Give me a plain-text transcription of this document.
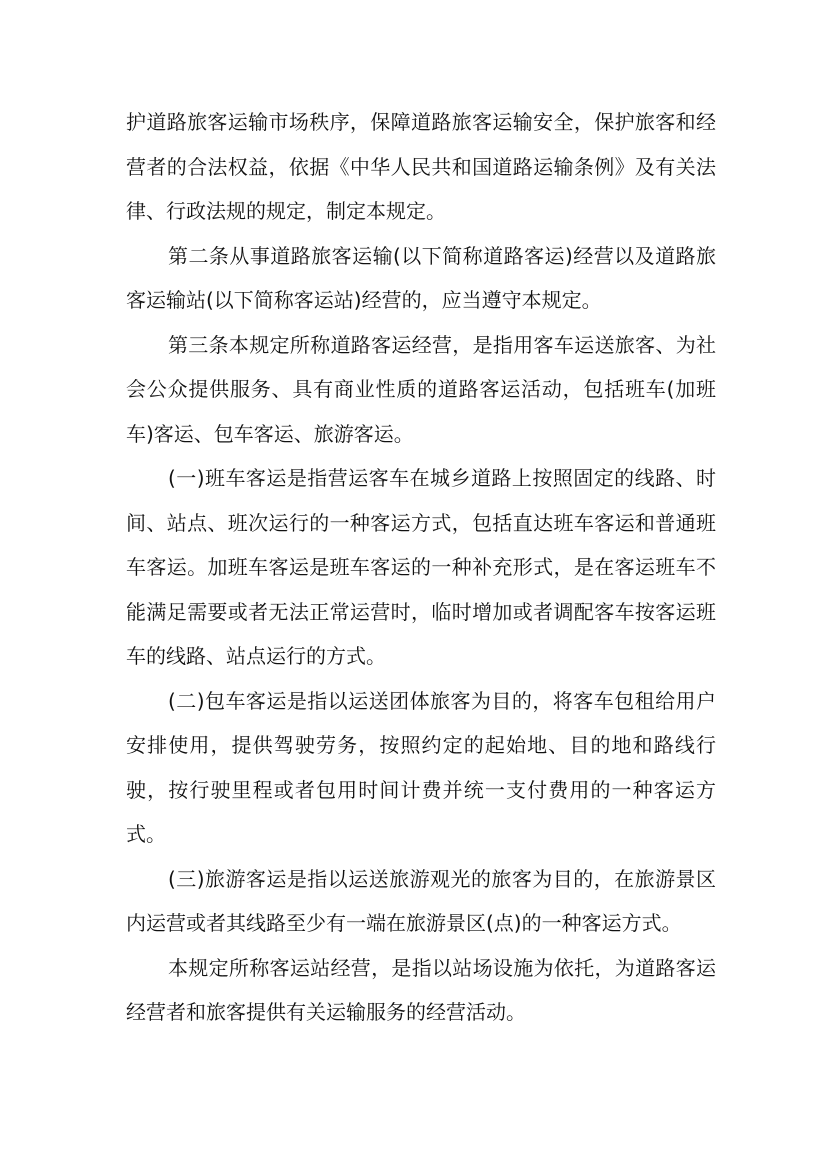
护道路旅客运输市场秩序，保障道路旅客运输安全，保护旅客和经营者的合法权益，依据《中华人民共和国道路运输条例》及有关法律、行政法规的规定，制定本规定。

第二条从事道路旅客运输(以下简称道路客运)经营以及道路旅客运输站(以下简称客运站)经营的，应当遵守本规定。

第三条本规定所称道路客运经营，是指用客车运送旅客、为社会公众提供服务、具有商业性质的道路客运活动，包括班车(加班车)客运、包车客运、旅游客运。

(一)班车客运是指营运客车在城乡道路上按照固定的线路、时间、站点、班次运行的一种客运方式，包括直达班车客运和普通班车客运。加班车客运是班车客运的一种补充形式，是在客运班车不能满足需要或者无法正常运营时，临时增加或者调配客车按客运班车的线路、站点运行的方式。

(二)包车客运是指以运送团体旅客为目的，将客车包租给用户安排使用，提供驾驶劳务，按照约定的起始地、目的地和路线行驶，按行驶里程或者包用时间计费并统一支付费用的一种客运方式。

(三)旅游客运是指以运送旅游观光的旅客为目的，在旅游景区内运营或者其线路至少有一端在旅游景区(点)的一种客运方式。

本规定所称客运站经营，是指以站场设施为依托，为道路客运经营者和旅客提供有关运输服务的经营活动。
